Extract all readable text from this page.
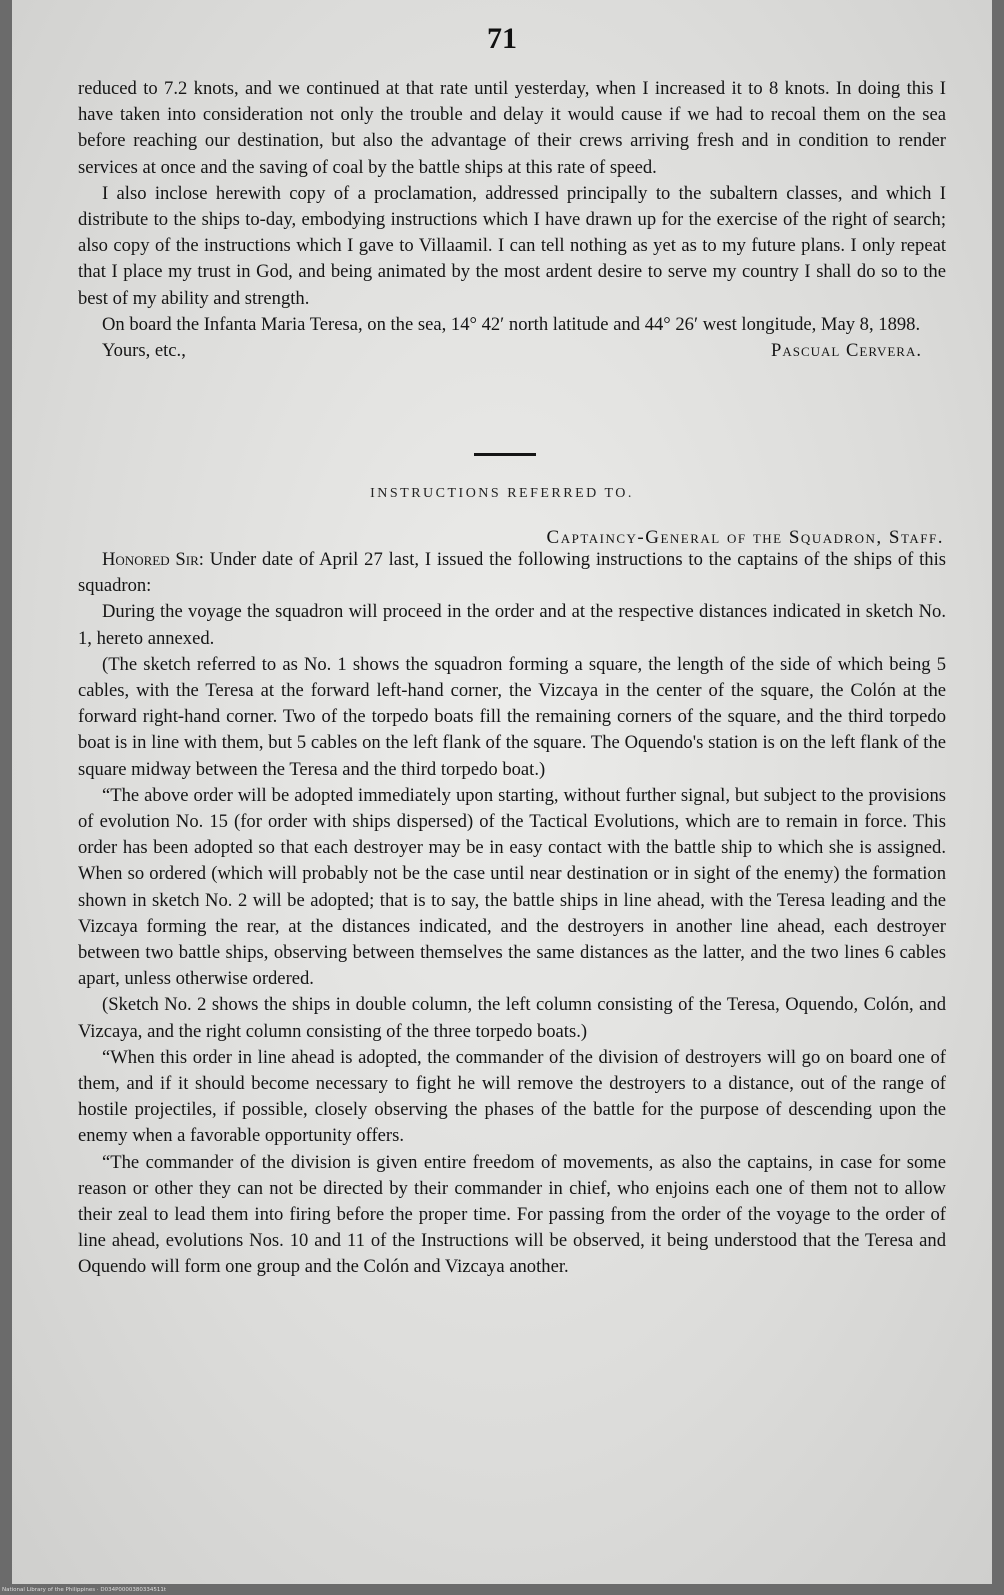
71

reduced to 7.2 knots, and we continued at that rate until yesterday, when I increased it to 8 knots. In doing this I have taken into consideration not only the trouble and delay it would cause if we had to recoal them on the sea before reaching our destination, but also the advantage of their crews arriving fresh and in condition to render services at once and the saving of coal by the battle ships at this rate of speed.

I also inclose herewith copy of a proclamation, addressed principally to the subaltern classes, and which I distribute to the ships to-day, embodying instructions which I have drawn up for the exercise of the right of search; also copy of the instructions which I gave to Villaamil. I can tell nothing as yet as to my future plans. I only repeat that I place my trust in God, and being animated by the most ardent desire to serve my country I shall do so to the best of my ability and strength.

On board the Infanta Maria Teresa, on the sea, 14° 42′ north latitude and 44° 26′ west longitude, May 8, 1898.

Yours, etc.,	Pascual Cervera.
INSTRUCTIONS REFERRED TO.
Captaincy-General of the Squadron, Staff.

Honored Sir: Under date of April 27 last, I issued the following instructions to the captains of the ships of this squadron:

During the voyage the squadron will proceed in the order and at the respective distances indicated in sketch No. 1, hereto annexed.

(The sketch referred to as No. 1 shows the squadron forming a square, the length of the side of which being 5 cables, with the Teresa at the forward left-hand corner, the Vizcaya in the center of the square, the Colón at the forward right-hand corner. Two of the torpedo boats fill the remaining corners of the square, and the third torpedo boat is in line with them, but 5 cables on the left flank of the square. The Oquendo's station is on the left flank of the square midway between the Teresa and the third torpedo boat.)

“The above order will be adopted immediately upon starting, without further signal, but subject to the provisions of evolution No. 15 (for order with ships dispersed) of the Tactical Evolutions, which are to remain in force. This order has been adopted so that each destroyer may be in easy contact with the battle ship to which she is assigned. When so ordered (which will probably not be the case until near destination or in sight of the enemy) the formation shown in sketch No. 2 will be adopted; that is to say, the battle ships in line ahead, with the Teresa leading and the Vizcaya forming the rear, at the distances indicated, and the destroyers in another line ahead, each destroyer between two battle ships, observing between themselves the same distances as the latter, and the two lines 6 cables apart, unless otherwise ordered.

(Sketch No. 2 shows the ships in double column, the left column consisting of the Teresa, Oquendo, Colón, and Vizcaya, and the right column consisting of the three torpedo boats.)

“When this order in line ahead is adopted, the commander of the division of destroyers will go on board one of them, and if it should become necessary to fight he will remove the destroyers to a distance, out of the range of hostile projectiles, if possible, closely observing the phases of the battle for the purpose of descending upon the enemy when a favorable opportunity offers.

“The commander of the division is given entire freedom of movements, as also the captains, in case for some reason or other they can not be directed by their commander in chief, who enjoins each one of them not to allow their zeal to lead them into firing before the proper time. For passing from the order of the voyage to the order of line ahead, evolutions Nos. 10 and 11 of the Instructions will be observed, it being understood that the Teresa and Oquendo will form one group and the Colón and Vizcaya another.

National Library of the Philippines · D034P0000380334511t
